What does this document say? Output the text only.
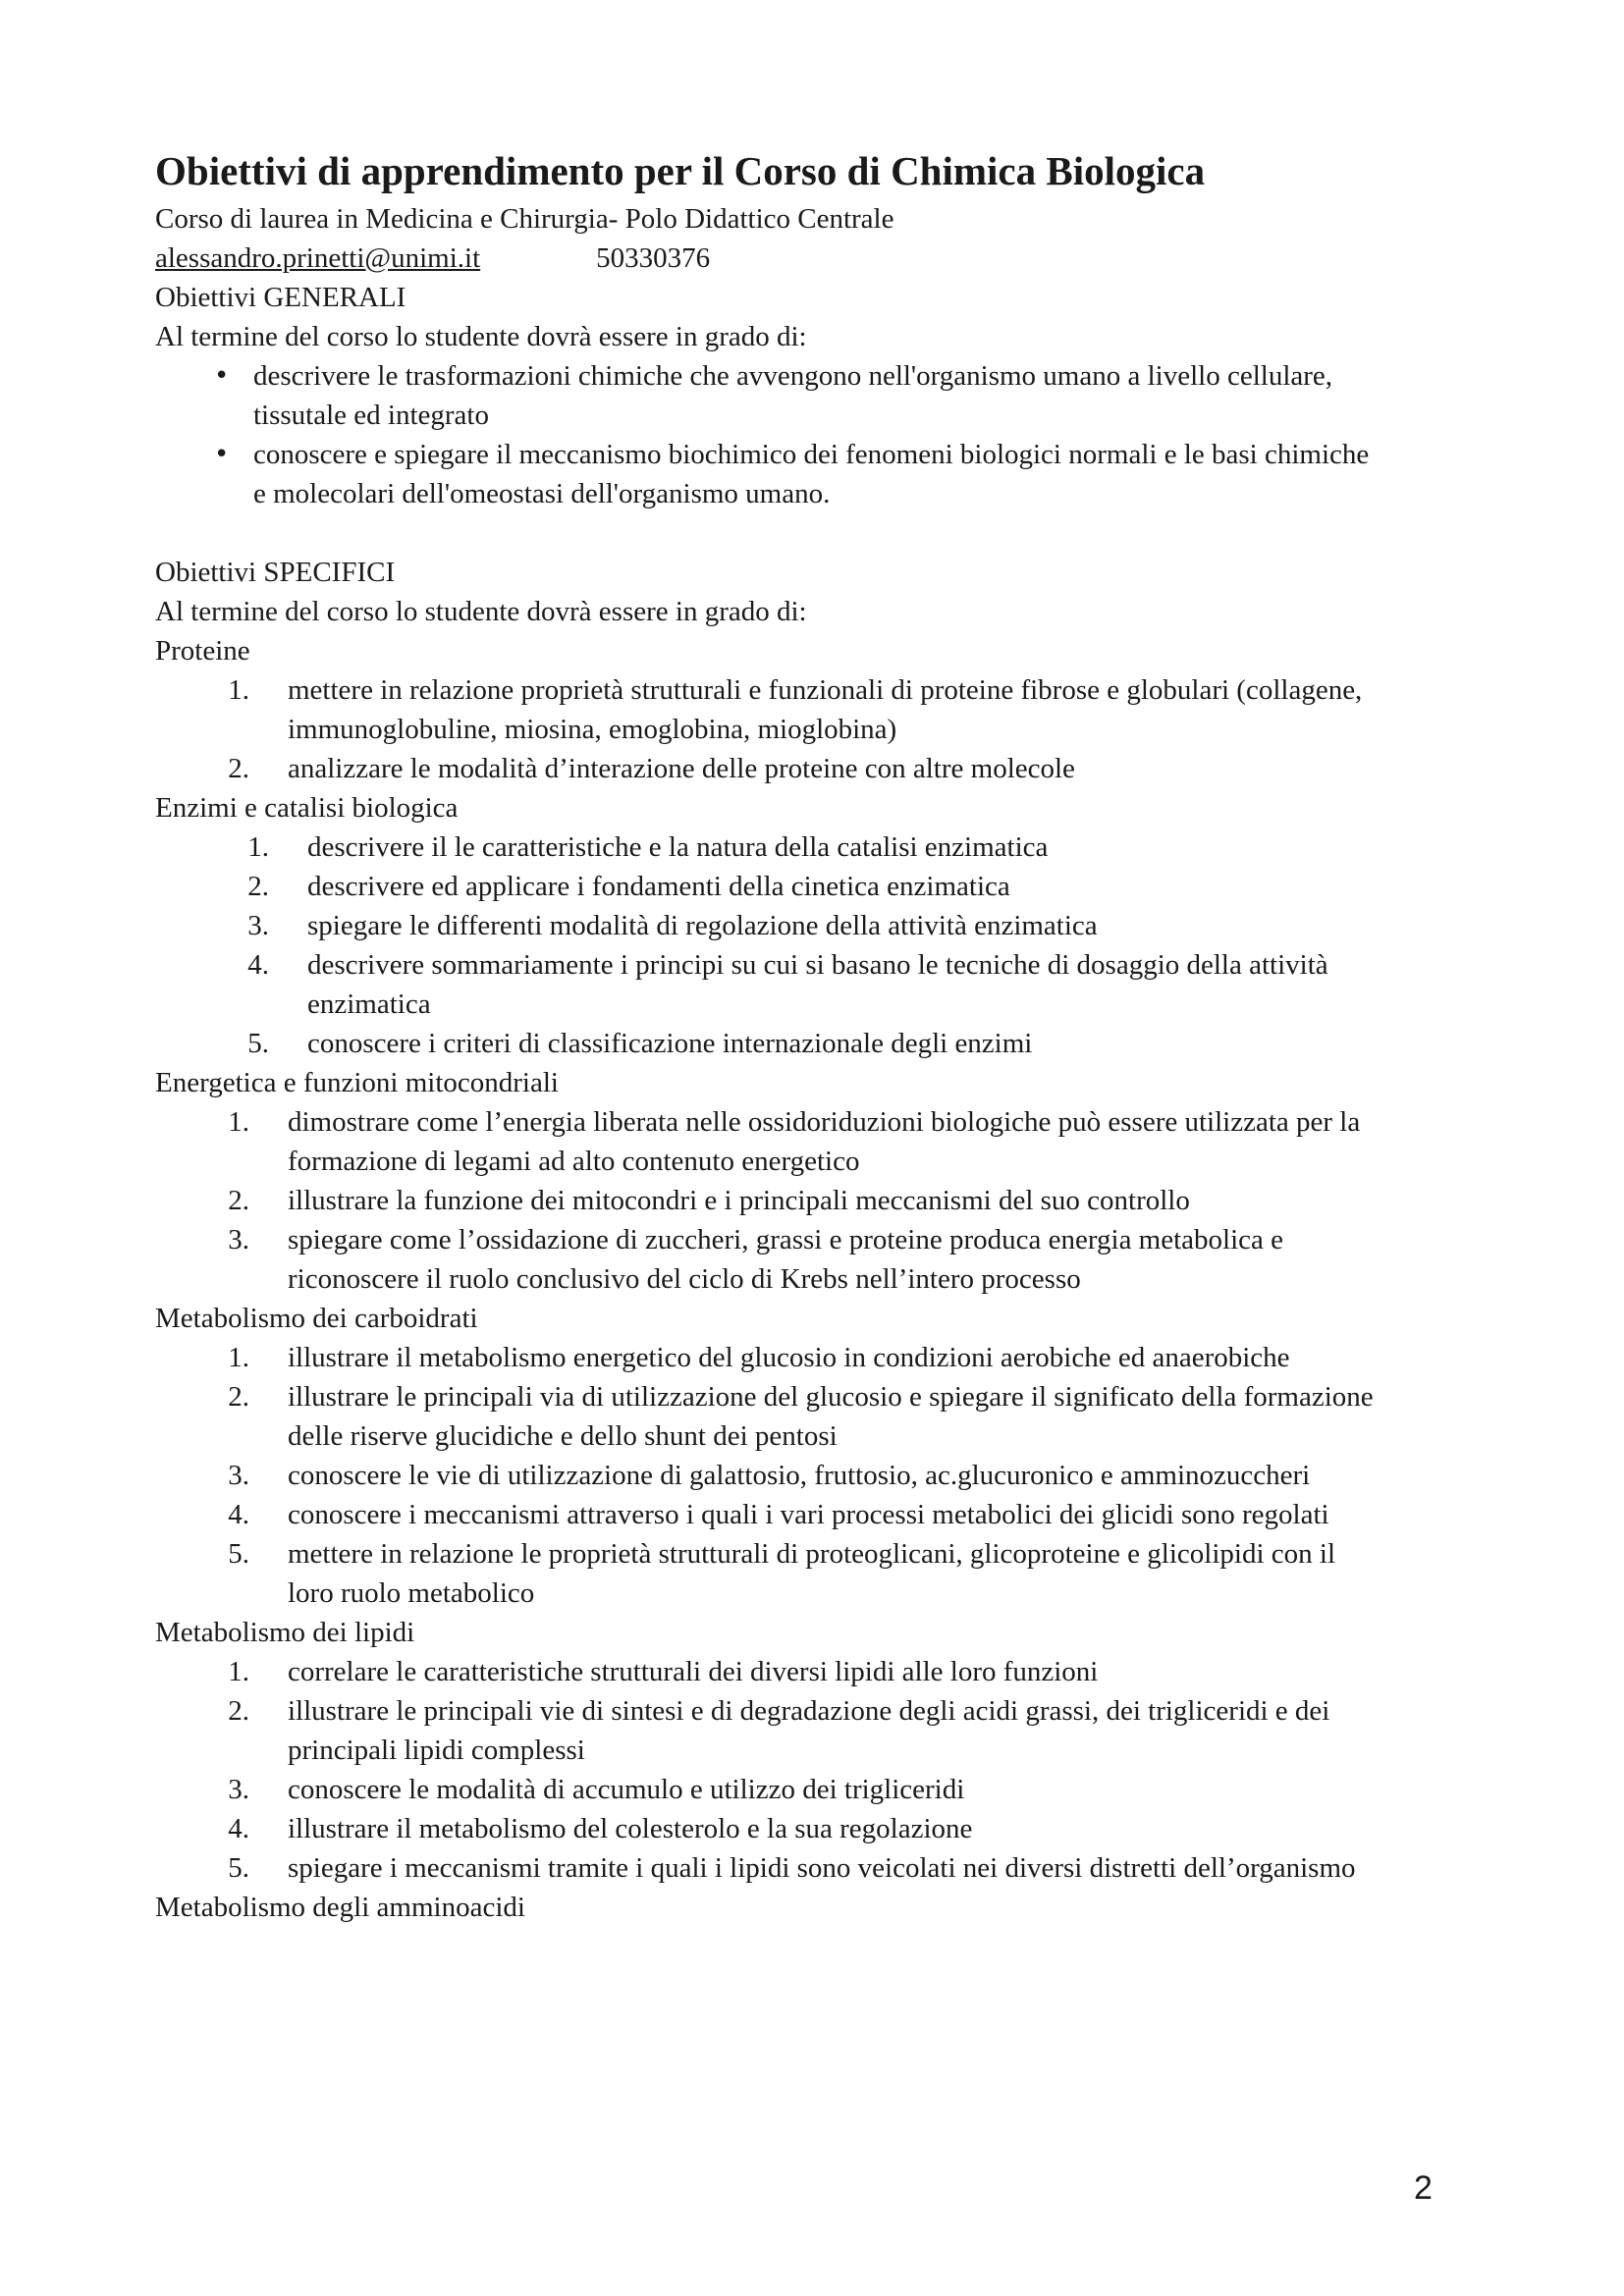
Obiettivi di apprendimento per il Corso di Chimica Biologica
Corso di laurea in Medicina e Chirurgia- Polo Didattico Centrale
alessandro.prinetti@unimi.it	50330376
Obiettivi GENERALI
Al termine del corso lo studente dovrà essere in grado di:
• descrivere le trasformazioni chimiche che avvengono nell'organismo umano a livello cellulare,
tissutale ed integrato
• conoscere e spiegare il meccanismo biochimico dei fenomeni biologici normali e le basi chimiche
e molecolari dell'omeostasi dell'organismo umano.
Obiettivi SPECIFICI
Al termine del corso lo studente dovrà essere in grado di:
Proteine
1. mettere in relazione proprietà strutturali e funzionali di proteine fibrose e globulari (collagene,
immunoglobuline, miosina, emoglobina, mioglobina)
2. analizzare le modalità d’interazione delle proteine con altre molecole
Enzimi e catalisi biologica
1. descrivere il le caratteristiche e la natura della catalisi enzimatica
2. descrivere ed applicare i fondamenti della cinetica enzimatica
3. spiegare le differenti modalità di regolazione della attività enzimatica
4. descrivere sommariamente i principi su cui si basano le tecniche di dosaggio della attività
enzimatica
5. conoscere i criteri di classificazione internazionale degli enzimi
Energetica e funzioni mitocondriali
1. dimostrare come l’energia liberata nelle ossidoriduzioni biologiche può essere utilizzata per la
formazione di legami ad alto contenuto energetico
2. illustrare la funzione dei mitocondri e i principali meccanismi del suo controllo
3. spiegare come l’ossidazione di zuccheri, grassi e proteine produca energia metabolica e
riconoscere il ruolo conclusivo del ciclo di Krebs nell’intero processo
Metabolismo dei carboidrati
1. illustrare il metabolismo energetico del glucosio in condizioni aerobiche ed anaerobiche
2. illustrare le principali via di utilizzazione del glucosio e spiegare il significato della formazione
delle riserve glucidiche e dello shunt dei pentosi
3. conoscere le vie di utilizzazione di galattosio, fruttosio, ac.glucuronico e amminozuccheri
4. conoscere i meccanismi attraverso i quali i vari processi metabolici dei glicidi sono regolati
5. mettere in relazione le proprietà strutturali di proteoglicani, glicoproteine e glicolipidi con il
loro ruolo metabolico
Metabolismo dei lipidi
1. correlare le caratteristiche strutturali dei diversi lipidi alle loro funzioni
2. illustrare le principali vie di sintesi e di degradazione degli acidi grassi, dei trigliceridi e dei
principali lipidi complessi
3. conoscere le modalità di accumulo e utilizzo dei trigliceridi
4. illustrare il metabolismo del colesterolo e la sua regolazione
5. spiegare i meccanismi tramite i quali i lipidi sono veicolati nei diversi distretti dell’organismo
Metabolismo degli amminoacidi
2
